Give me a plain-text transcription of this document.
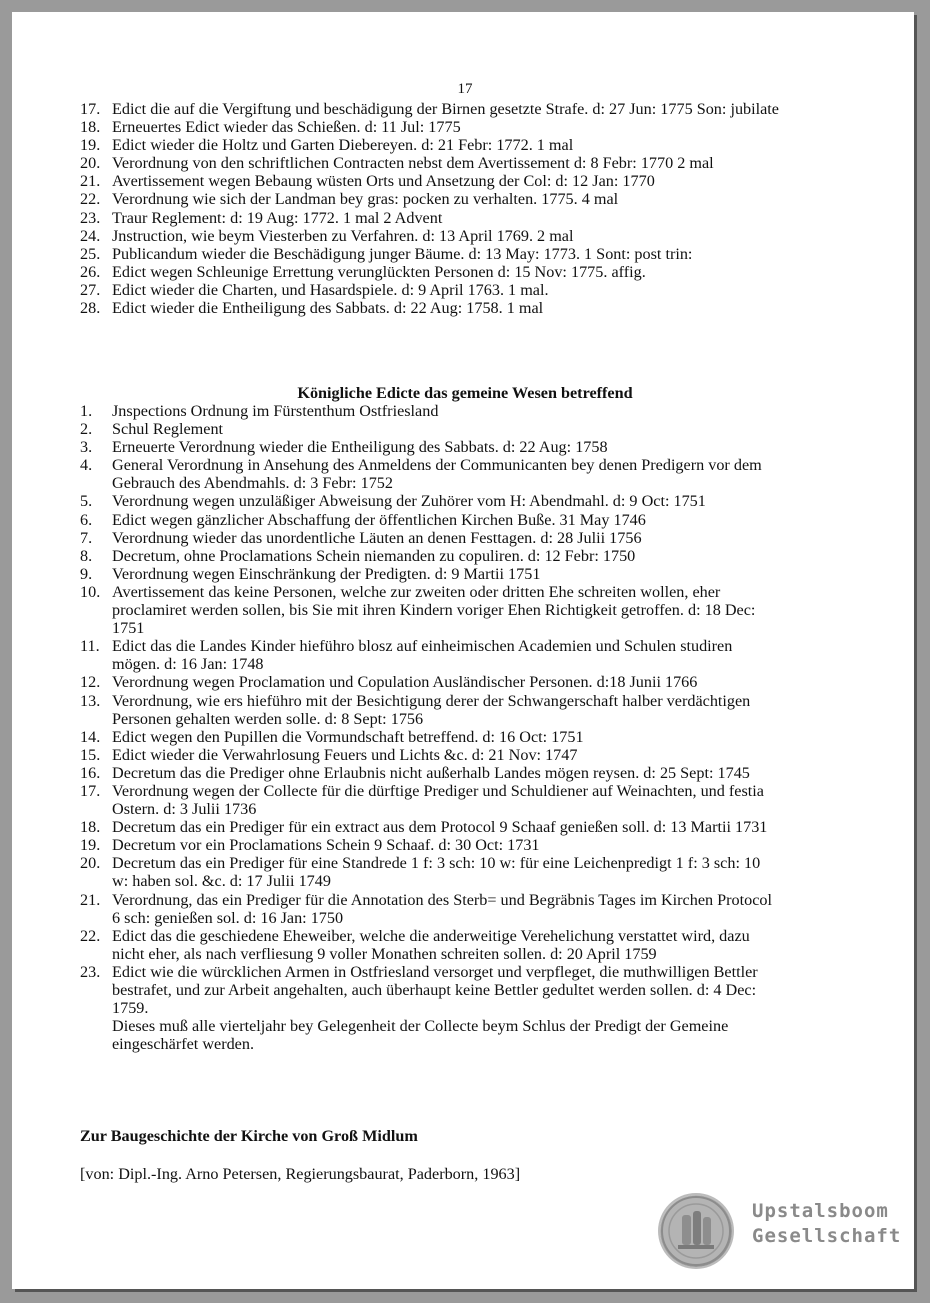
17
17. Edict die auf die Vergiftung und beschädigung der Birnen gesetzte Strafe. d: 27 Jun: 1775 Son: jubilate
18. Erneuertes Edict wieder das Schießen. d: 11 Jul: 1775
19. Edict wieder die Holtz und Garten Diebereyen. d: 21 Febr: 1772. 1 mal
20. Verordnung von den schriftlichen Contracten nebst dem Avertissement d: 8 Febr: 1770 2 mal
21. Avertissement wegen Bebaung wüsten Orts und Ansetzung der Col: d: 12 Jan: 1770
22. Verordnung wie sich der Landman bey gras: pocken zu verhalten. 1775. 4 mal
23. Traur Reglement: d: 19 Aug: 1772. 1 mal 2 Advent
24. Jnstruction, wie beym Viesterben zu Verfahren. d: 13 April 1769. 2 mal
25. Publicandum wieder die Beschädigung junger Bäume. d: 13 May: 1773. 1 Sont: post trin:
26. Edict wegen Schleunige Errettung verunglückten Personen d: 15 Nov: 1775. affig.
27. Edict wieder die Charten, und Hasardspiele. d: 9 April 1763. 1 mal.
28. Edict wieder die Entheiligung des Sabbats. d: 22 Aug: 1758. 1 mal
Königliche Edicte das gemeine Wesen betreffend
1. Jnspections Ordnung im Fürstenthum Ostfriesland
2. Schul Reglement
3. Erneuerte Verordnung wieder die Entheiligung des Sabbats. d: 22 Aug: 1758
4. General Verordnung in Ansehung des Anmeldens der Communicanten bey denen Predigern vor dem Gebrauch des Abendmahls. d: 3 Febr: 1752
5. Verordnung wegen unzuläßiger Abweisung der Zuhörer vom H: Abendmahl. d: 9 Oct: 1751
6. Edict wegen gänzlicher Abschaffung der öffentlichen Kirchen Buße. 31 May 1746
7. Verordnung wieder das unordentliche Läuten an denen Festtagen. d: 28 Julii 1756
8. Decretum, ohne Proclamations Schein niemanden zu copuliren. d: 12 Febr: 1750
9. Verordnung wegen Einschränkung der Predigten. d: 9 Martii 1751
10. Avertissement das keine Personen, welche zur zweiten oder dritten Ehe schreiten wollen, eher proclamiret werden sollen, bis Sie mit ihren Kindern voriger Ehen Richtigkeit getroffen. d: 18 Dec: 1751
11. Edict das die Landes Kinder hieführo blosz auf einheimischen Academien und Schulen studiren mögen. d: 16 Jan: 1748
12. Verordnung wegen Proclamation und Copulation Ausländischer Personen. d:18 Junii 1766
13. Verordnung, wie ers hieführo mit der Besichtigung derer der Schwangerschaft halber verdächtigen Personen gehalten werden solle. d: 8 Sept: 1756
14. Edict wegen den Pupillen die Vormundschaft betreffend. d: 16 Oct: 1751
15. Edict wieder die Verwahrlosung Feuers und Lichts &c. d: 21 Nov: 1747
16. Decretum das die Prediger ohne Erlaubnis nicht außerhalb Landes mögen reysen. d: 25 Sept: 1745
17. Verordnung wegen der Collecte für die dürftige Prediger und Schuldiener auf Weinachten, und festia Ostern. d: 3 Julii 1736
18. Decretum das ein Prediger für ein extract aus dem Protocol 9 Schaaf genießen soll. d: 13 Martii 1731
19. Decretum vor ein Proclamations Schein 9 Schaaf. d: 30 Oct: 1731
20. Decretum das ein Prediger für eine Standrede 1 f: 3 sch: 10 w: für eine Leichenpredigt 1 f: 3 sch: 10 w: haben sol. &c. d: 17 Julii 1749
21. Verordnung, das ein Prediger für die Annotation des Sterb= und Begräbnis Tages im Kirchen Protocol 6 sch: genießen sol. d: 16 Jan: 1750
22. Edict das die geschiedene Eheweiber, welche die anderweitige Verehelichung verstattet wird, dazu nicht eher, als nach verfliesung 9 voller Monathen schreiten sollen. d: 20 April 1759
23. Edict wie die würcklichen Armen in Ostfriesland versorget und verpfleget, die muthwilligen Bettler bestrafet, und zur Arbeit angehalten, auch überhaupt keine Bettler gedultet werden sollen. d: 4 Dec: 1759.
Dieses muß alle vierteljahr bey Gelegenheit der Collecte beym Schlus der Predigt der Gemeine eingeschärfet werden.
Zur Baugeschichte der Kirche von Groß Midlum
[von: Dipl.-Ing. Arno Petersen, Regierungsbaurat, Paderborn, 1963]
Upstalsboom
Gesellschaft
